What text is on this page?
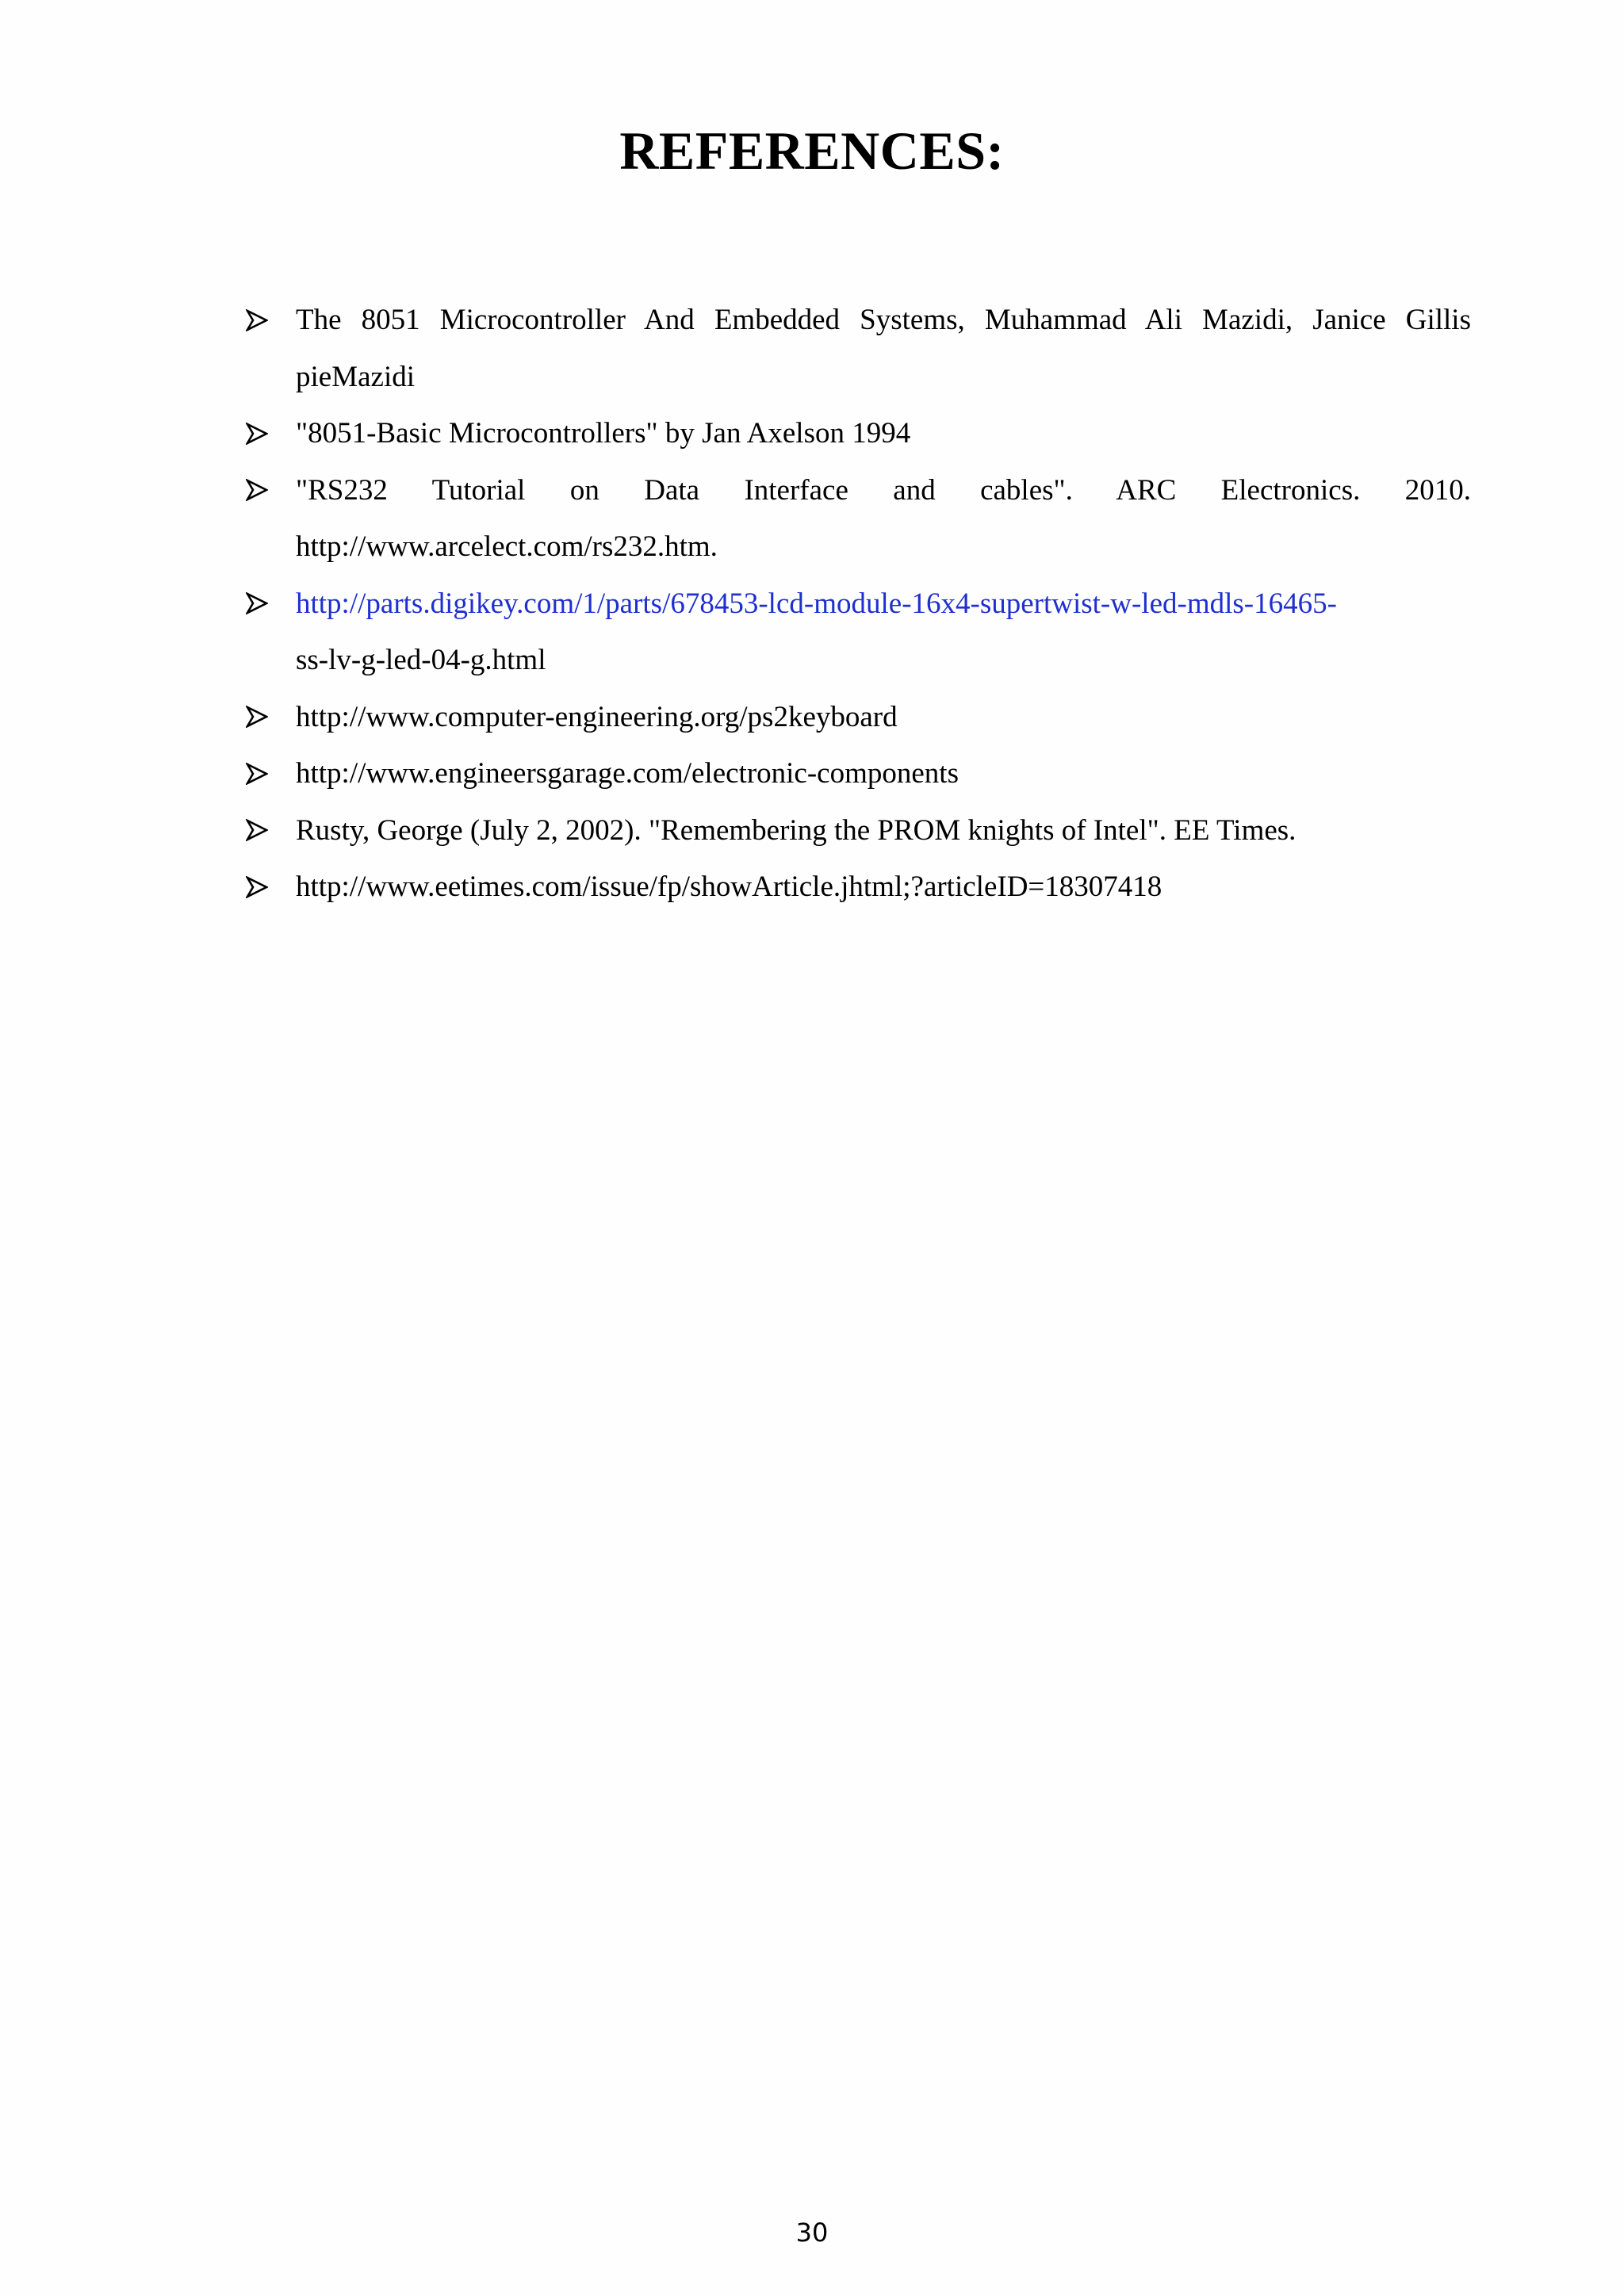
REFERENCES:
The 8051 Microcontroller And Embedded Systems, Muhammad Ali Mazidi, Janice Gillis
pieMazidi
"8051-Basic Microcontrollers" by Jan Axelson 1994
"RS232 Tutorial on Data Interface and cables". ARC Electronics. 2010.
http://www.arcelect.com/rs232.htm.
http://parts.digikey.com/1/parts/678453-lcd-module-16x4-supertwist-w-led-mdls-16465-
ss-lv-g-led-04-g.html
http://www.computer-engineering.org/ps2keyboard
http://www.engineersgarage.com/electronic-components
Rusty, George (July 2, 2002). "Remembering the PROM knights of Intel". EE Times.
http://www.eetimes.com/issue/fp/showArticle.jhtml;?articleID=18307418
30
